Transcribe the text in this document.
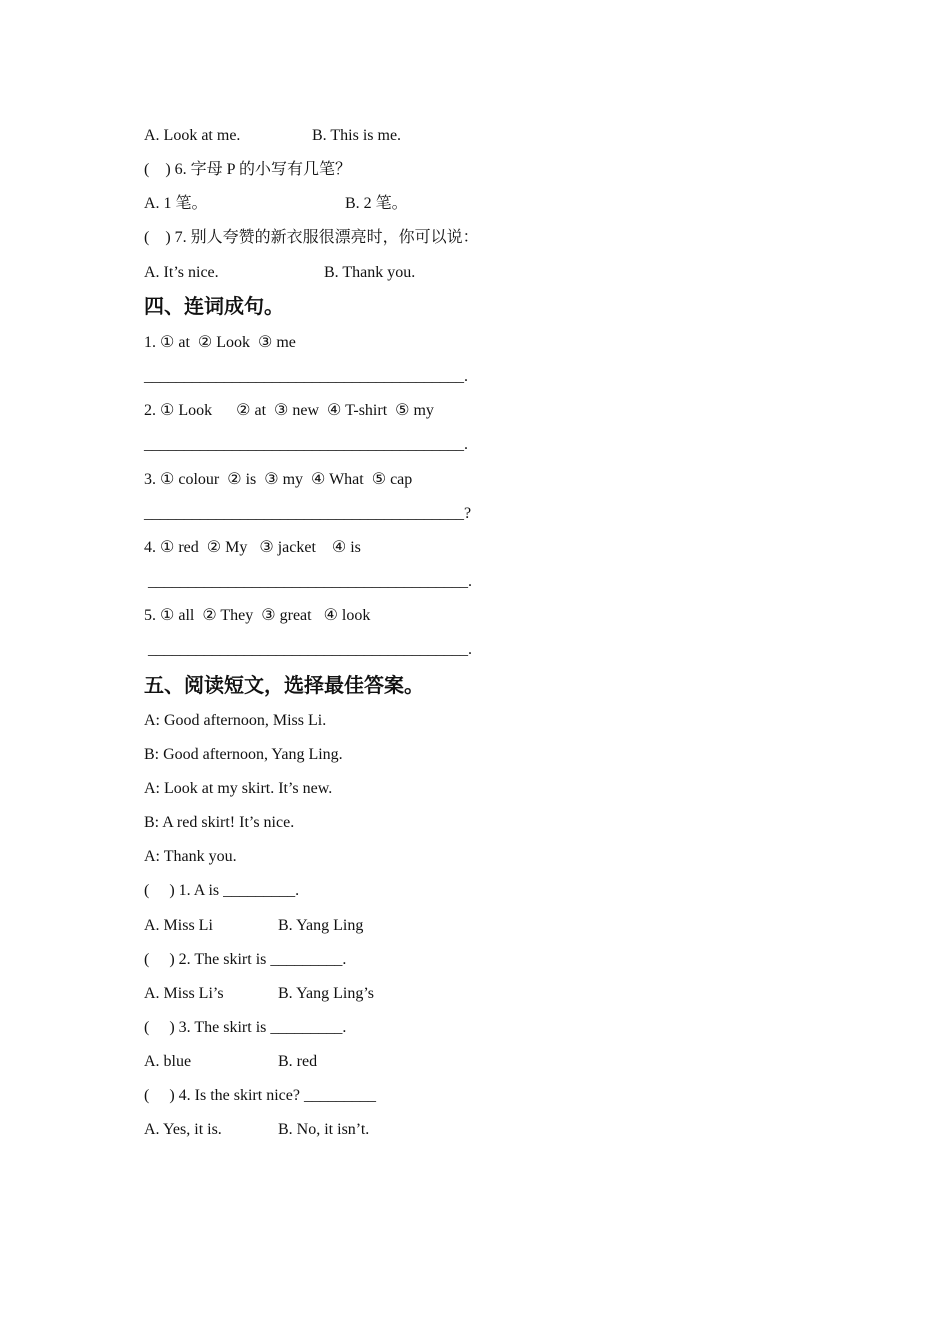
A. Look at me.	B. This is me.
(    ) 6. 字母 P 的小写有几笔？
A. 1 笔。	B. 2 笔。
(    ) 7. 别人夸赞的新衣服很漂亮时，你可以说：
A. It’s nice.	B. Thank you.
四、连词成句。
1. ① at  ② Look  ③ me
________________________________________.
2. ① Look      ② at  ③ new  ④ T-shirt  ⑤ my
________________________________________.
3. ① colour  ② is  ③ my  ④ What  ⑤ cap
________________________________________?
4. ① red  ② My   ③ jacket    ④ is
________________________________________.
5. ① all  ② They  ③ great   ④ look
________________________________________.
五、阅读短文，选择最佳答案。
A: Good afternoon, Miss Li.
B: Good afternoon, Yang Ling.
A: Look at my skirt. It’s new.
B: A red skirt! It’s nice.
A: Thank you.
(     ) 1. A is _________.
A. Miss Li	B. Yang Ling
(     ) 2. The skirt is _________.
A. Miss Li’s	B. Yang Ling’s
(     ) 3. The skirt is _________.
A. blue	B. red
(     ) 4. Is the skirt nice? _________
A. Yes, it is.	B. No, it isn’t.
